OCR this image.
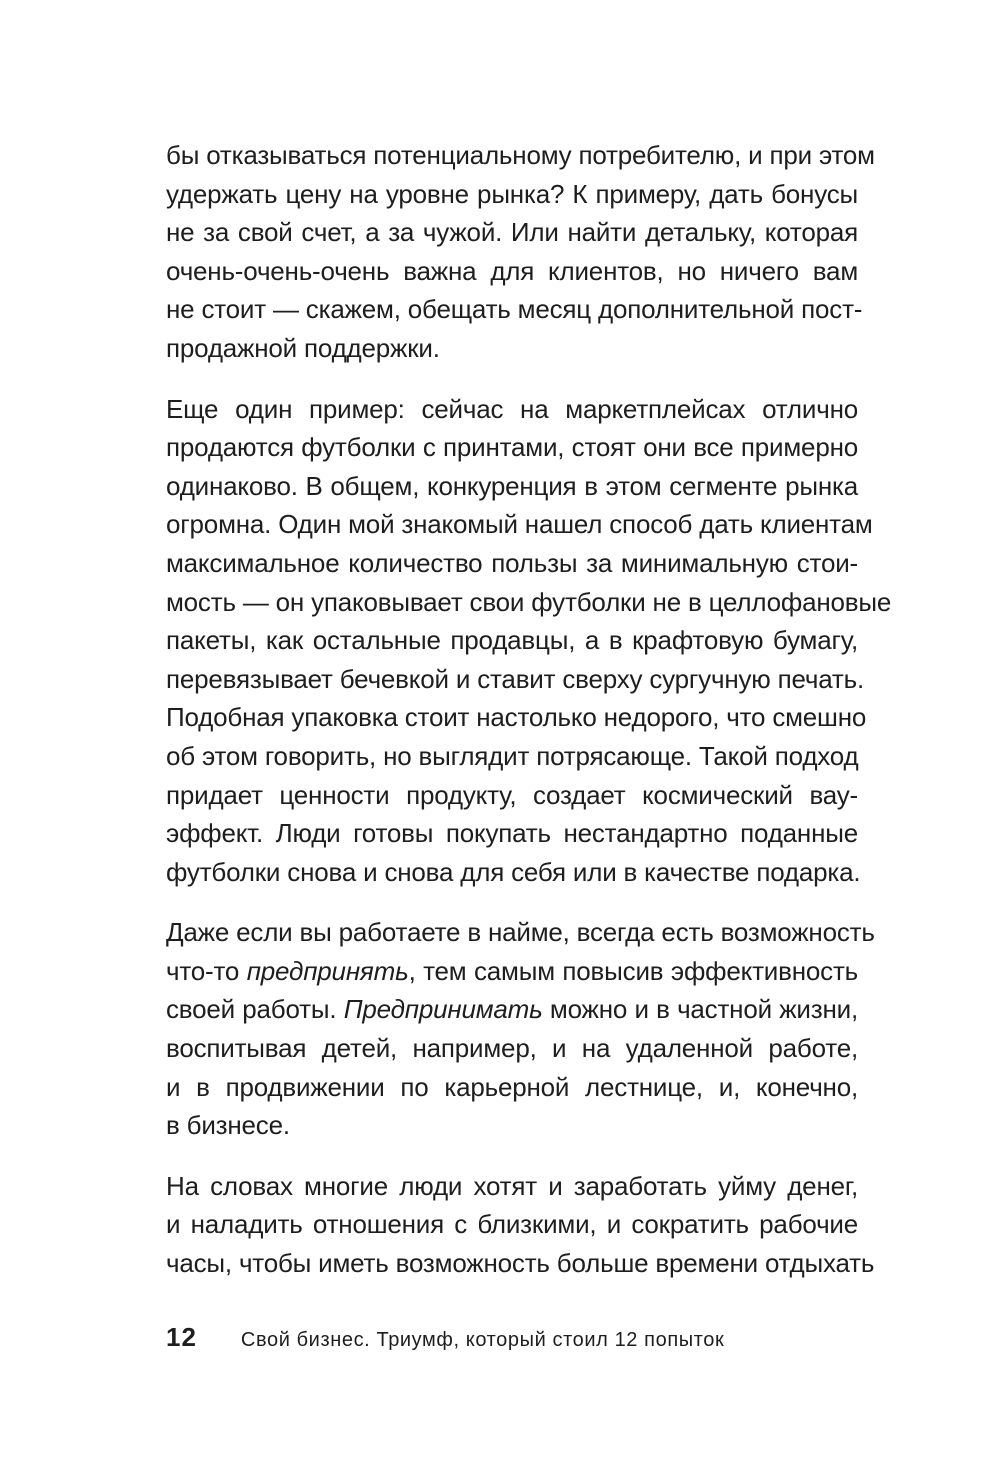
бы отказываться потенциальному потребителю, и при этом
удержать цену на уровне рынка? К примеру, дать бонусы
не за свой счет, а за чужой. Или найти детальку, которая
очень-очень-очень важна для клиентов, но ничего вам
не стоит — скажем, обещать месяц дополнительной пост-
продажной поддержки.

Еще один пример: сейчас на маркетплейсах отлично
продаются футболки с принтами, стоят они все примерно
одинаково. В общем, конкуренция в этом сегменте рынка
огромна. Один мой знакомый нашел способ дать клиентам
максимальное количество пользы за минимальную стои-
мость — он упаковывает свои футболки не в целлофановые
пакеты, как остальные продавцы, а в крафтовую бумагу,
перевязывает бечевкой и ставит сверху сургучную печать.
Подобная упаковка стоит настолько недорого, что смешно
об этом говорить, но выглядит потрясающе. Такой подход
придает ценности продукту, создает космический вау-
эффект. Люди готовы покупать нестандартно поданные
футболки снова и снова для себя или в качестве подарка.

Даже если вы работаете в найме, всегда есть возможность
что-то предпринять, тем самым повысив эффективность
своей работы. Предпринимать можно и в частной жизни,
воспитывая детей, например, и на удаленной работе,
и в продвижении по карьерной лестнице, и, конечно,
в бизнесе.

На словах многие люди хотят и заработать уйму денег,
и наладить отношения с близкими, и сократить рабочие
часы, чтобы иметь возможность больше времени отдыхать

12 Свой бизнес. Триумф, который стоил 12 попыток
